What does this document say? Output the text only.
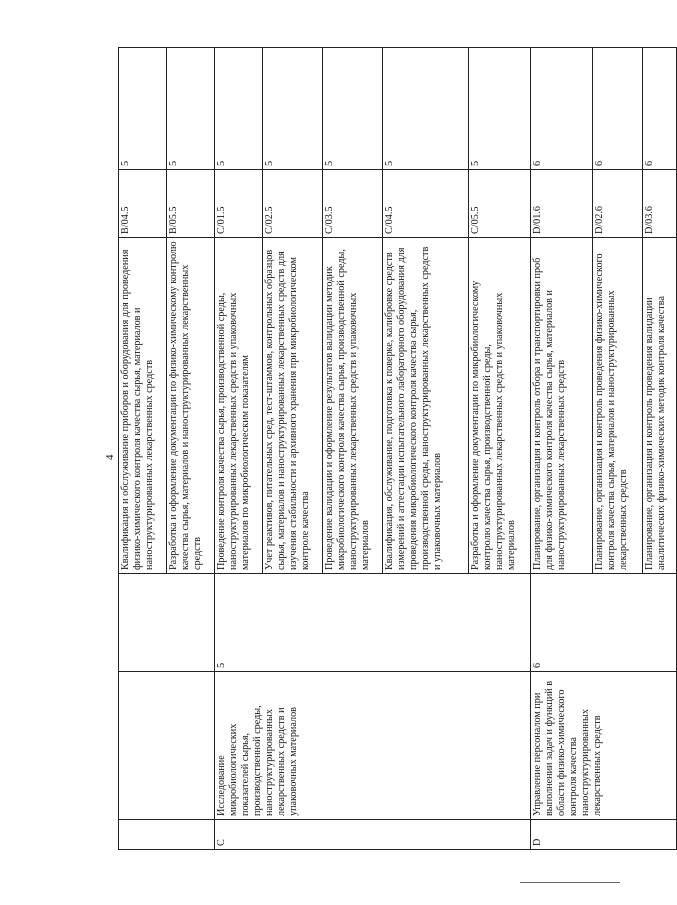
4
			Квалификация и обслуживание приборов и оборудования для проведения физико-химического контроля качества сырья, материалов и наноструктурированных лекарственных средств	B/04.5	5
			Разработка и оформление документации по физико-химическому контролю качества сырья, материалов и наноструктурированных лекарственных средств	B/05.5	5
C	Исследование микробиологических показателей сырья, производственной среды, наноструктурированных лекарственных средств и упаковочных материалов	5	Проведение контроля качества сырья, производственной среды, наноструктурированных лекарственных средств и упаковочных материалов по микробиологическим показателям	C/01.5	5
			Учет реактивов, питательных сред, тест-штаммов, контрольных образцов сырья, материалов и наноструктурированных лекарственных средств для изучения стабильности и архивного хранения при микробиологическом контроле качества	C/02.5	5
			Проведение валидации и оформление результатов валидации методик микробиологического контроля качества сырья, производственной среды, наноструктурированных лекарственных средств и упаковочных материалов	C/03.5	5
			Квалификация, обслуживание, подготовка к поверке, калибровке средств измерений и аттестации испытательного лабораторного оборудования для проведения микробиологического контроля качества сырья, производственной среды, наноструктурированных лекарственных средств и упаковочных материалов	C/04.5	5
			Разработка и оформление документации по микробиологическому контролю качества сырья, производственной среды, наноструктурированных лекарственных средств и упаковочных материалов	C/05.5	5
D	Управление персоналом при выполнении задач и функций в области физико-химического контроля качества наноструктурированных лекарственных средств	6	Планирование, организация и контроль отбора и транспортировки проб для физико-химического контроля качества сырья, материалов и наноструктурированных лекарственных средств	D/01.6	6
			Планирование, организация и контроль проведения физико-химического контроля качества сырья, материалов и наноструктурированных лекарственных средств	D/02.6	6
			Планирование, организация и контроль проведения валидации аналитических физико-химических методик контроля качества	D/03.6	6
